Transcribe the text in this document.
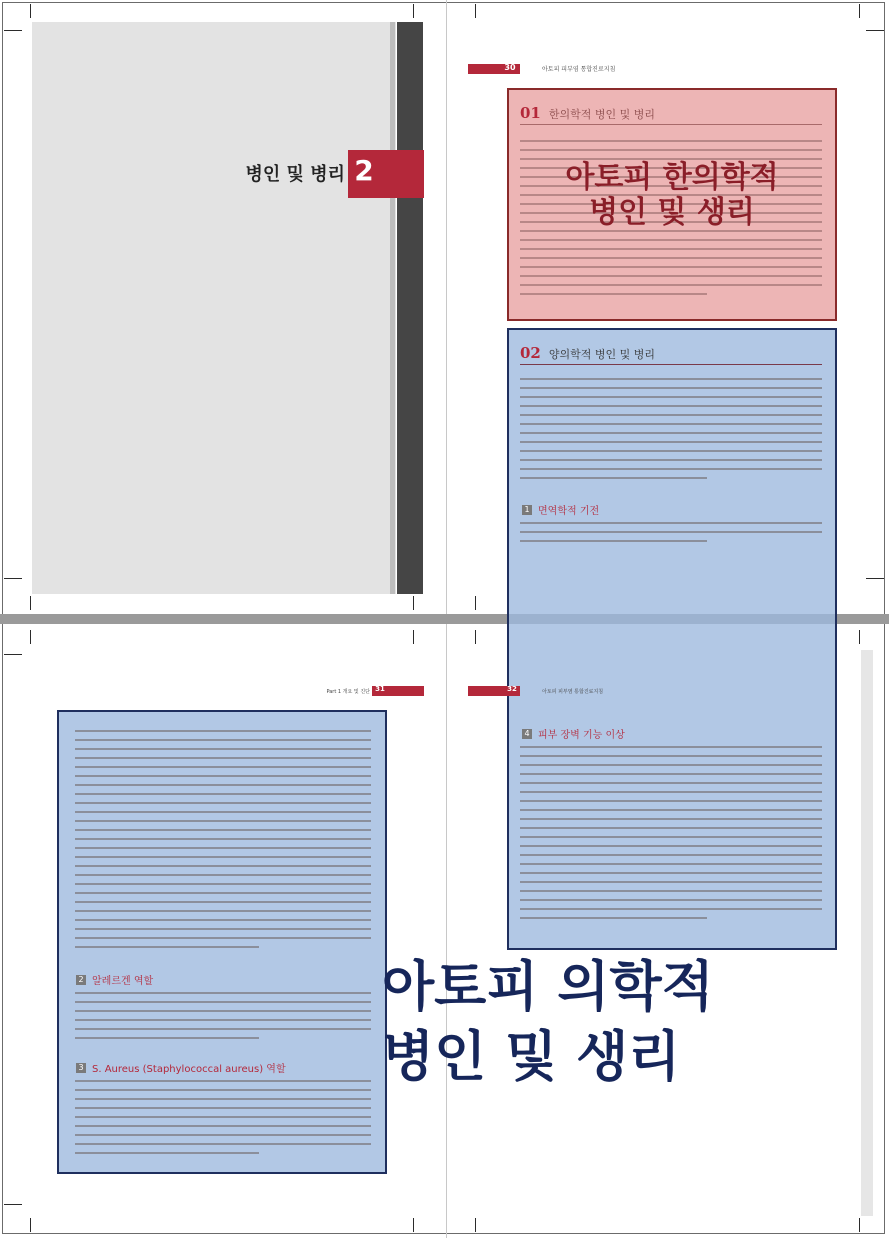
병인 및 병리 2
30	아토피 피부염 통합진료지침
01 한의학적 병인 및 병리
아토피 한의학적
병인 및 생리
02 양의학적 병인 및 병리
1 면역학적 기전
Part 1 개요 및 진단 31
2 알레르겐 역할
3 S. Aureus (Staphylococcal aureus) 역할
32	아토피 피부염 통합진료지침
4 피부 장벽 기능 이상
아토피 의학적
병인 및 생리
